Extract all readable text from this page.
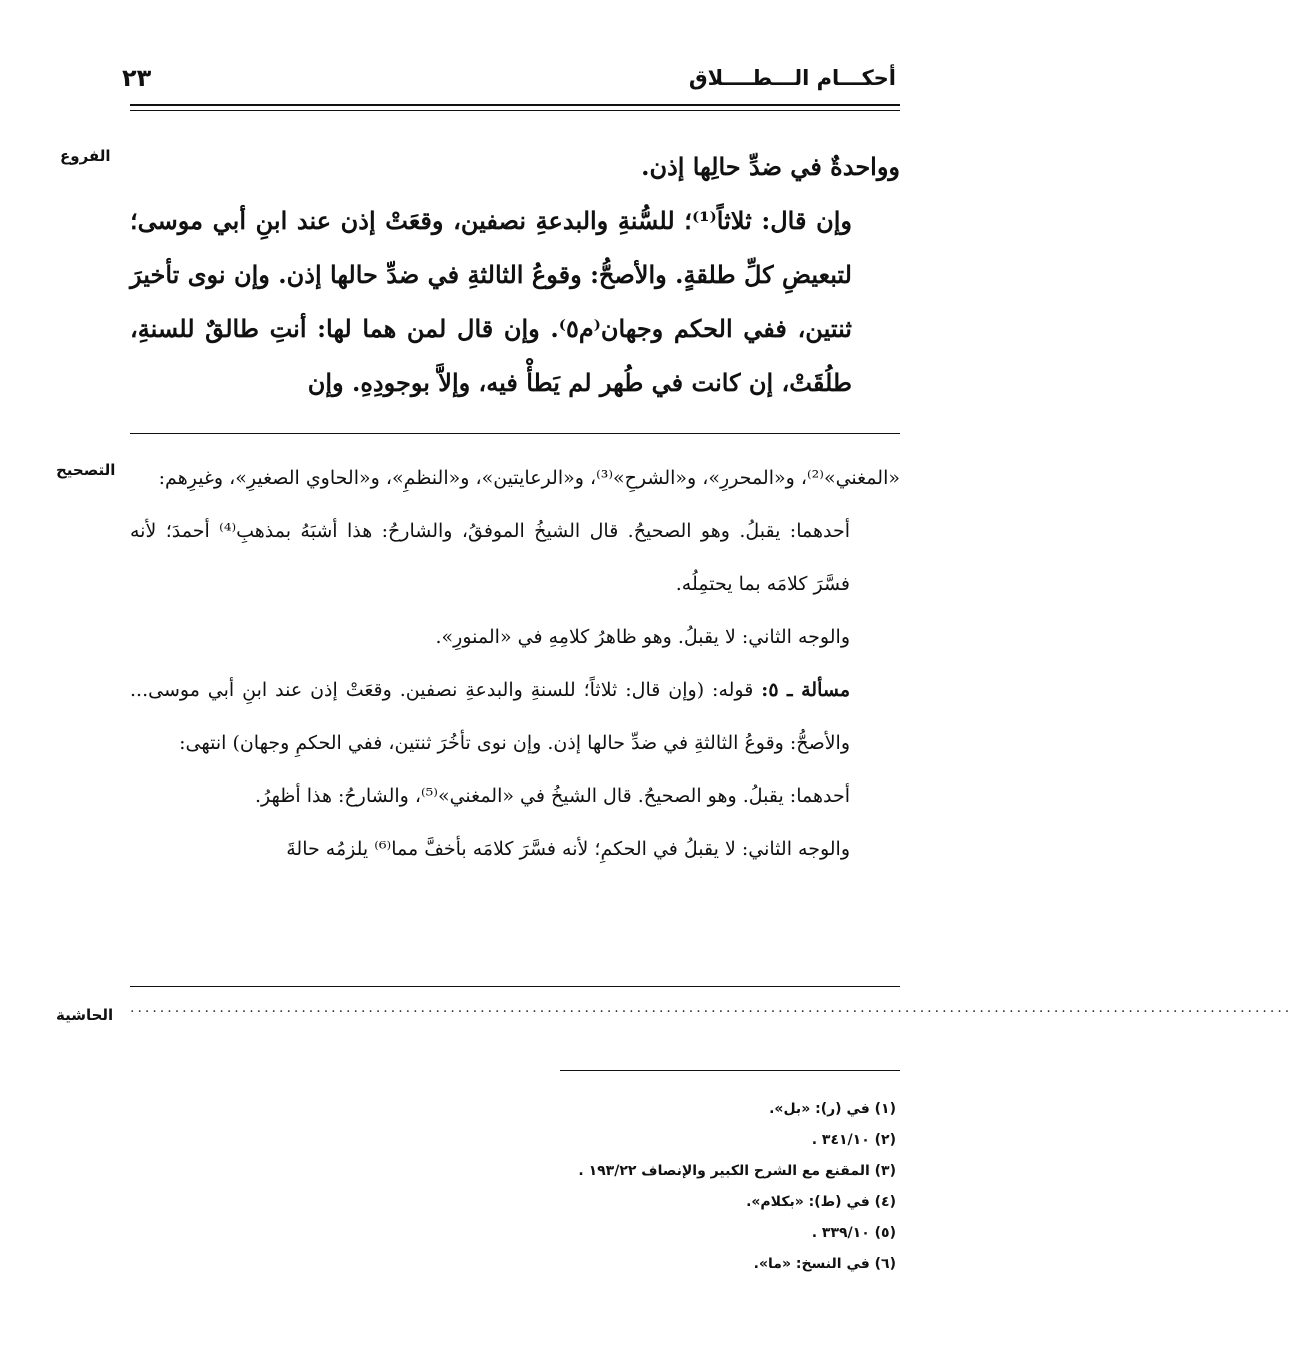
أحكـــام الـــطــــلاق
٢٣
الفروع
التصحيح
الحاشية

وواحدةٌ في ضدِّ حالِها إذن.

وإن قال: ثلاثاً⁽¹⁾؛ للسُّنةِ والبدعةِ نصفين، وقعَتْ إذن عند ابنِ أبي موسى؛ لتبعيضِ كلِّ طلقةٍ. والأصحُّ: وقوعُ الثالثةِ في ضدِّ حالها إذن. وإن نوى تأخيرَ ثنتين، ففي الحكم وجهان⁽م٥⁾. وإن قال لمن هما لها: أنتِ طالقٌ للسنةِ، طلُقَتْ، إن كانت في طُهر لم يَطأْ فيه، وإلاَّ بوجودِهِ. وإن

«المغني»⁽²⁾، و«المحررِ»، و«الشرحِ»⁽³⁾، و«الرعايتين»، و«النظمِ»، و«الحاوي الصغيرِ»، وغيرِهم:

أحدهما: يقبلُ. وهو الصحيحُ. قال الشيخُ الموفقُ، والشارحُ: هذا أشبَهُ بمذهبِ⁽⁴⁾ أحمدَ؛ لأنه فسَّرَ كلامَه بما يحتمِلُه.

والوجه الثاني: لا يقبلُ. وهو ظاهرُ كلامِهِ في «المنورِ».

مسألة ـ ٥: قوله: (وإن قال: ثلاثاً؛ للسنةِ والبدعةِ نصفين. وقعَتْ إذن عند ابنِ أبي موسى... والأصحُّ: وقوعُ الثالثةِ في ضدِّ حالها إذن. وإن نوى تأخُرَ ثنتين، ففي الحكمِ وجهان) انتهى:

أحدهما: يقبلُ. وهو الصحيحُ. قال الشيخُ في «المغني»⁽⁵⁾، والشارحُ: هذا أظهرُ.

والوجه الثاني: لا يقبلُ في الحكمِ؛ لأنه فسَّرَ كلامَه بأخفَّ مما⁽⁶⁾ يلزمُه حالةَ

............................................................................................................................................................
(١) في (ر): «بل».
(٢) ٣٤١/١٠ .
(٣) المقنع مع الشرح الكبير والإنصاف ١٩٣/٢٢ .
(٤) في (ط): «بكلام».
(٥) ٣٣٩/١٠ .
(٦) في النسخ: «ما».
